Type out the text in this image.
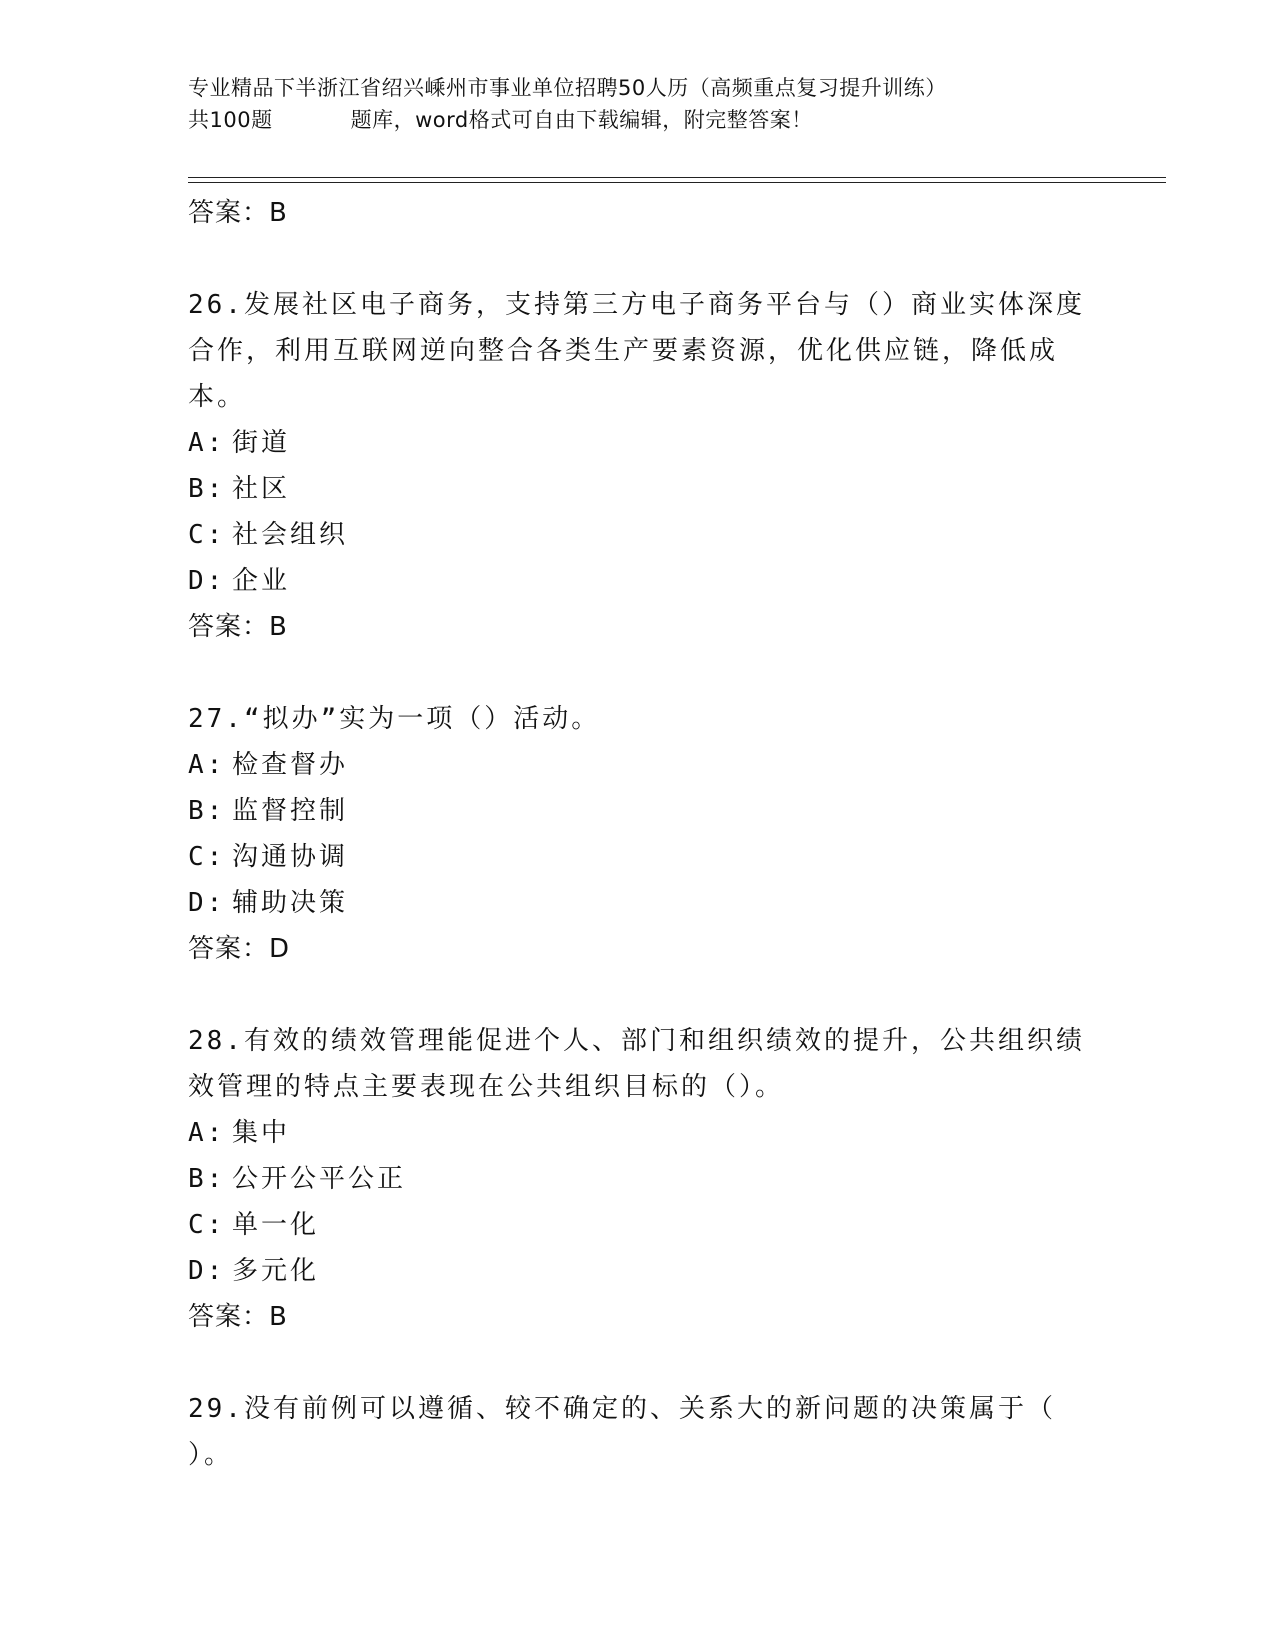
专业精品下半浙江省绍兴嵊州市事业单位招聘50人历（高频重点复习提升训练）
共100题	题库，word格式可自由下载编辑，附完整答案！
答案：B
26.发展社区电子商务，支持第三方电子商务平台与（）商业实体深度合作，利用互联网逆向整合各类生产要素资源，优化供应链，降低成本。
A: 街道
B: 社区
C: 社会组织
D: 企业
答案：B
27.“拟办”实为一项（）活动。
A: 检查督办
B: 监督控制
C: 沟通协调
D: 辅助决策
答案：D
28.有效的绩效管理能促进个人、部门和组织绩效的提升，公共组织绩效管理的特点主要表现在公共组织目标的（）。
A: 集中
B: 公开公平公正
C: 单一化
D: 多元化
答案：B
29.没有前例可以遵循、较不确定的、关系大的新问题的决策属于（    ）。
